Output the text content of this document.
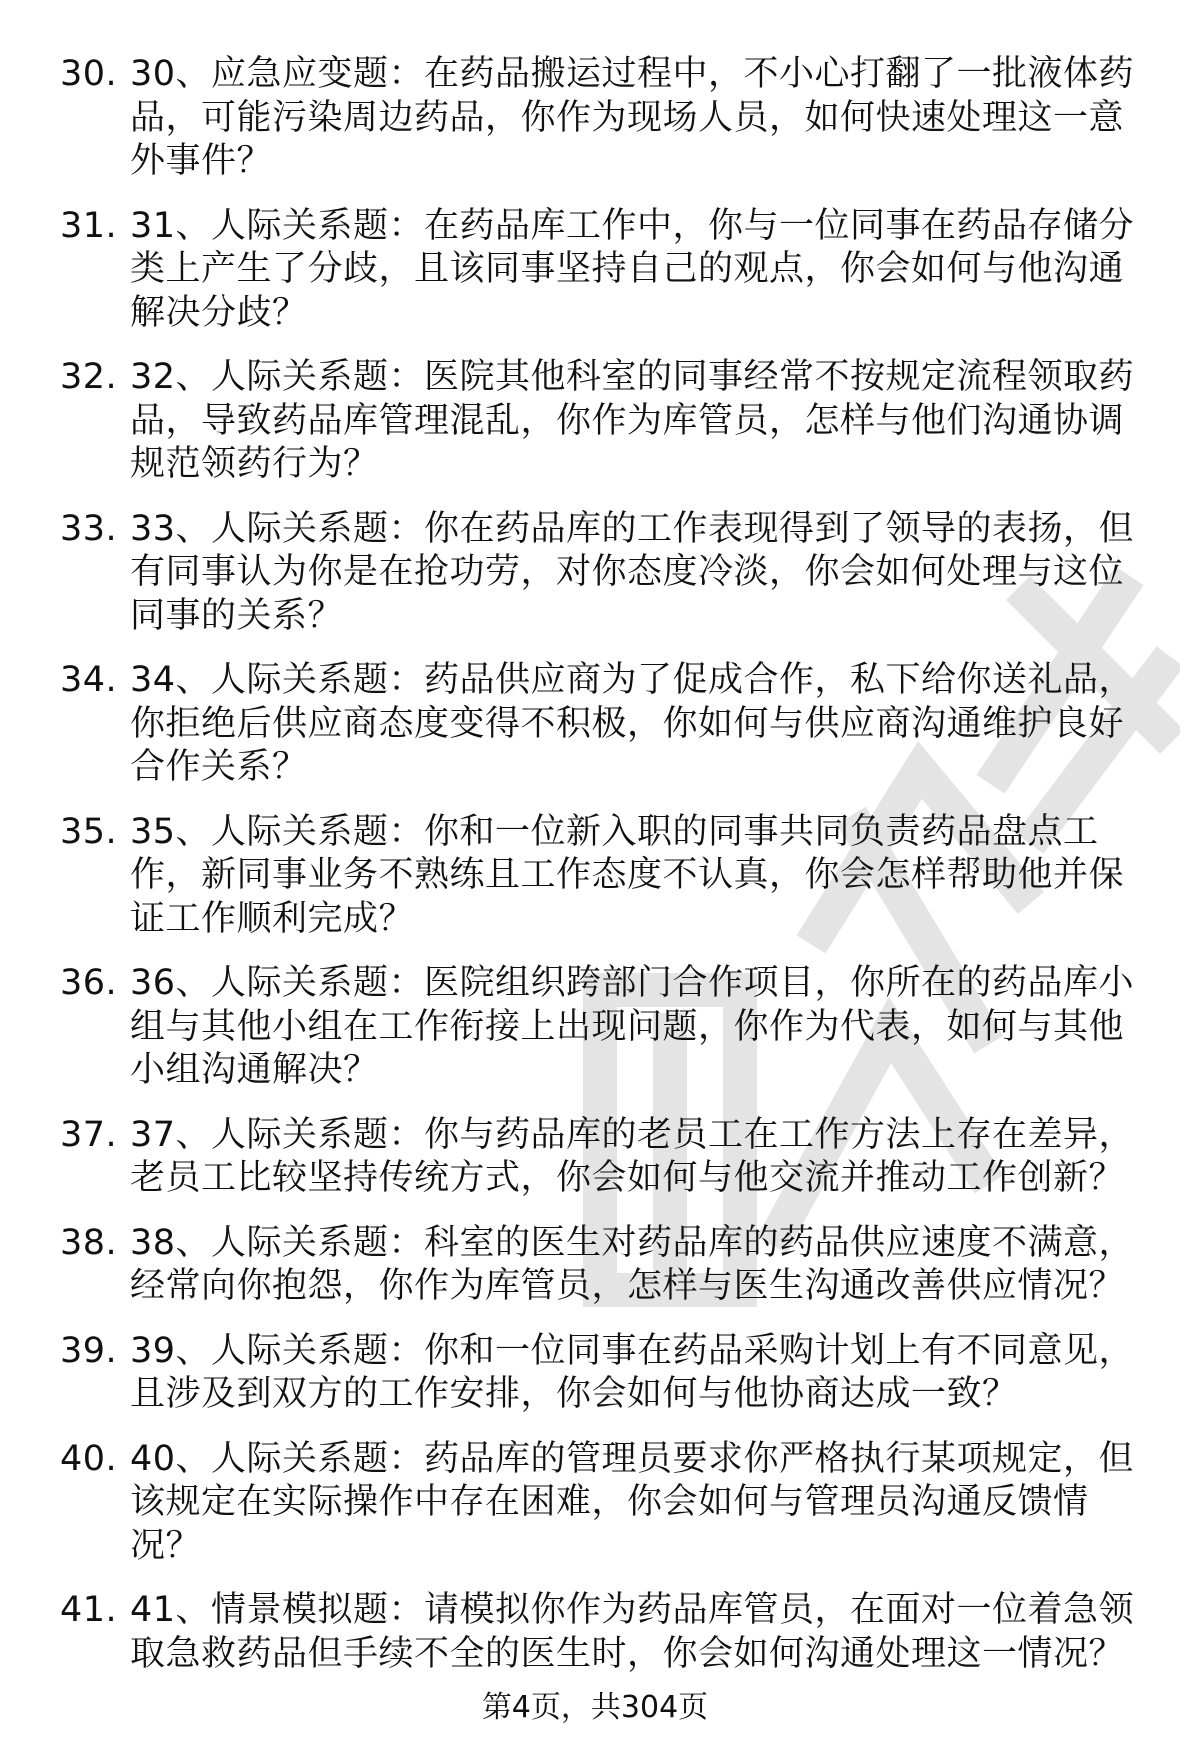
30. 30、应急应变题：在药品搬运过程中，不小心打翻了一批液体药品，可能污染周边药品，你作为现场人员，如何快速处理这一意外事件？
31. 31、人际关系题：在药品库工作中，你与一位同事在药品存储分类上产生了分歧，且该同事坚持自己的观点，你会如何与他沟通解决分歧？
32. 32、人际关系题：医院其他科室的同事经常不按规定流程领取药品，导致药品库管理混乱，你作为库管员，怎样与他们沟通协调规范领药行为？
33. 33、人际关系题：你在药品库的工作表现得到了领导的表扬，但有同事认为你是在抢功劳，对你态度冷淡，你会如何处理与这位同事的关系？
34. 34、人际关系题：药品供应商为了促成合作，私下给你送礼品，你拒绝后供应商态度变得不积极，你如何与供应商沟通维护良好合作关系？
35. 35、人际关系题：你和一位新入职的同事共同负责药品盘点工作，新同事业务不熟练且工作态度不认真，你会怎样帮助他并保证工作顺利完成？
36. 36、人际关系题：医院组织跨部门合作项目，你所在的药品库小组与其他小组在工作衔接上出现问题，你作为代表，如何与其他小组沟通解决？
37. 37、人际关系题：你与药品库的老员工在工作方法上存在差异，老员工比较坚持传统方式，你会如何与他交流并推动工作创新？
38. 38、人际关系题：科室的医生对药品库的药品供应速度不满意，经常向你抱怨，你作为库管员，怎样与医生沟通改善供应情况？
39. 39、人际关系题：你和一位同事在药品采购计划上有不同意见，且涉及到双方的工作安排，你会如何与他协商达成一致？
40. 40、人际关系题：药品库的管理员要求你严格执行某项规定，但该规定在实际操作中存在困难，你会如何与管理员沟通反馈情况？
41. 41、情景模拟题：请模拟你作为药品库管员，在面对一位着急领取急救药品但手续不全的医生时，你会如何沟通处理这一情况？
第4页，共304页
